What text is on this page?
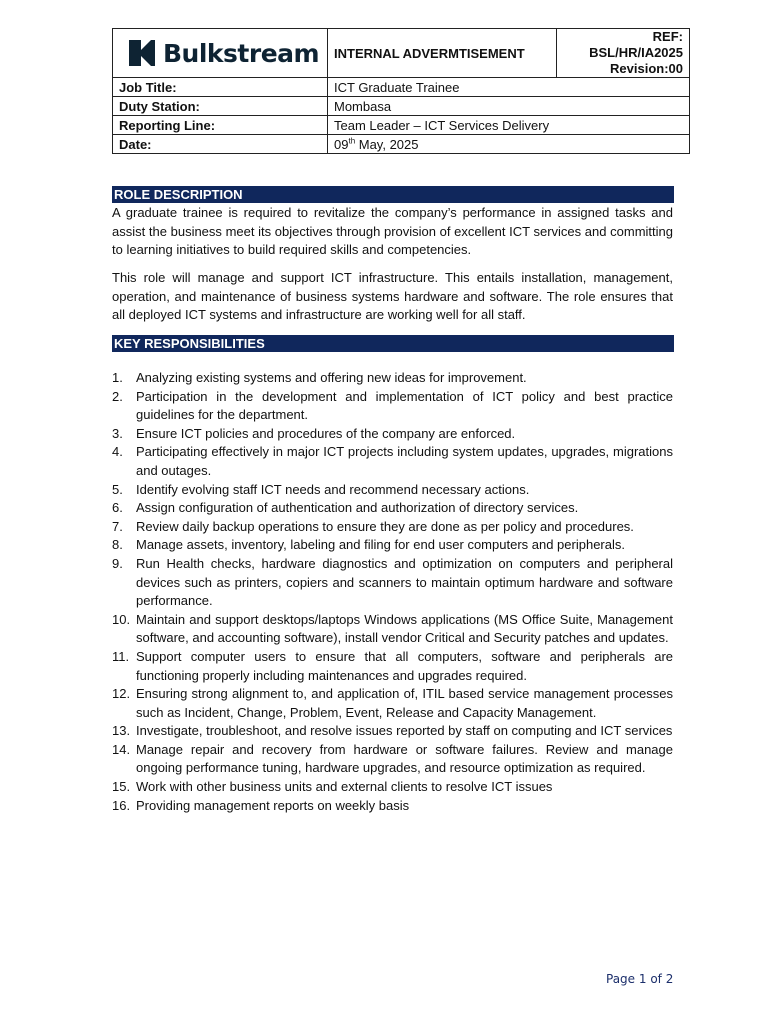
Bulkstream	INTERNAL ADVERMTISEMENT	REF: BSL/HR/IA2025
Revision:00

Job Title:	ICT Graduate Trainee	
Duty Station:	Mombasa	
Reporting Line:	Team Leader – ICT Services Delivery	
Date:	09th May, 2025	
ROLE DESCRIPTION

A graduate trainee is required to revitalize the company’s performance in assigned tasks and assist the business meet its objectives through provision of excellent ICT services and committing to learning initiatives to build required skills and competencies.

This role will manage and support ICT infrastructure. This entails installation, management, operation, and maintenance of business systems hardware and software. The role ensures that all deployed ICT systems and infrastructure are working well for all staff.

KEY RESPONSIBILITIES
1.	Analyzing existing systems and offering new ideas for improvement.
2.	Participation in the development and implementation of ICT policy and best practice guidelines for the department.
3.	Ensure ICT policies and procedures of the company are enforced.
4.	Participating effectively in major ICT projects including system updates, upgrades, migrations and outages.
5.	Identify evolving staff ICT needs and recommend necessary actions.
6.	Assign configuration of authentication and authorization of directory services.
7.	Review daily backup operations to ensure they are done as per policy and procedures.
8.	Manage assets, inventory, labeling and filing for end user computers and peripherals.
9.	Run Health checks, hardware diagnostics and optimization on computers and peripheral devices such as printers, copiers and scanners to maintain optimum hardware and software performance.
10. Maintain and support desktops/laptops Windows applications (MS Office Suite, Management software, and accounting software), install vendor Critical and Security patches and updates.
11. Support computer users to ensure that all computers, software and peripherals are functioning properly including maintenances and upgrades required.
12. Ensuring strong alignment to, and application of, ITIL based service management processes such as Incident, Change, Problem, Event, Release and Capacity Management.
13. Investigate, troubleshoot, and resolve issues reported by staff on computing and ICT services
14. Manage repair and recovery from hardware or software failures. Review and manage ongoing performance tuning, hardware upgrades, and resource optimization as required.
15. Work with other business units and external clients to resolve ICT issues
16. Providing management reports on weekly basis
Page 1 of 2
